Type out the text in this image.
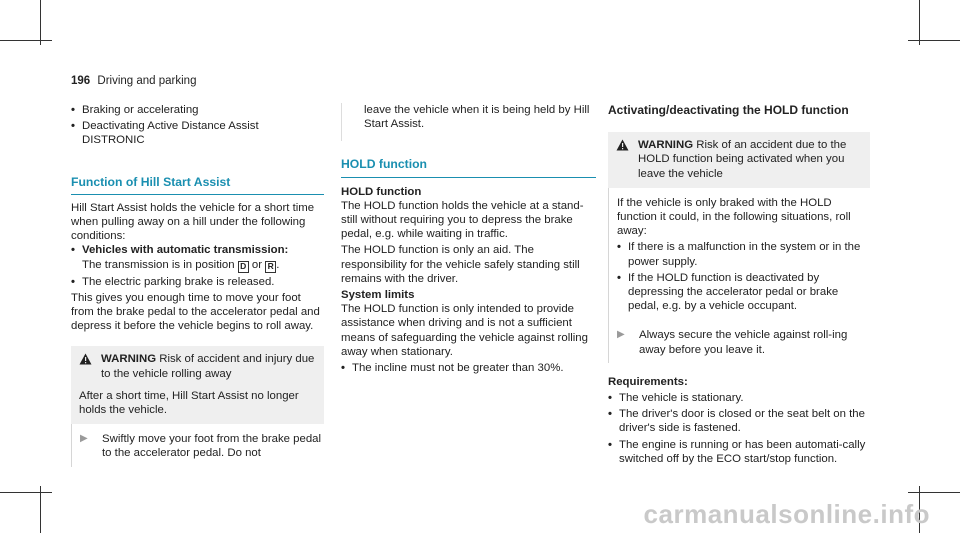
196 Driving and parking
• Braking or accelerating
• Deactivating Active Distance Assist DISTRONIC
Function of Hill Start Assist

Hill Start Assist holds the vehicle for a short time when pulling away on a hill under the following conditions:

• Vehicles with automatic transmission:
The transmission is in position D or R .
• The electric parking brake is released.

This gives you enough time to move your foot from the brake pedal to the accelerator pedal and depress it before the vehicle begins to roll away.

WARNING Risk of accident and injury due to the vehicle rolling away

After a short time, Hill Start Assist no longer holds the vehicle.

▶	Swiftly move your foot from the brake pedal to the accelerator pedal. Do not

leave the vehicle when it is being held by Hill Start Assist.

HOLD function

HOLD function

The HOLD function holds the vehicle at a stand-still without requiring you to depress the brake pedal, e.g. while waiting in traffic.

The HOLD function is only an aid. The responsibility for the vehicle safely standing still remains with the driver.

System limits

The HOLD function is only intended to provide assistance when driving and is not a sufficient means of safeguarding the vehicle against rolling away when stationary.

• The incline must not be greater than 30%.
Activating/deactivating the HOLD function
WARNING Risk of an accident due to the HOLD function being activated when you leave the vehicle

If the vehicle is only braked with the HOLD function it could, in the following situations, roll away:

• If there is a malfunction in the system or in the power supply.
• If the HOLD function is deactivated by depressing the accelerator pedal or brake pedal, e.g. by a vehicle occupant.
▶	Always secure the vehicle against roll-ing away before you leave it.

Requirements:

• The vehicle is stationary.
• The driver's door is closed or the seat belt on the driver's side is fastened.
• The engine is running or has been automati-cally switched off by the ECO start/stop function.
carmanualsonline.info
